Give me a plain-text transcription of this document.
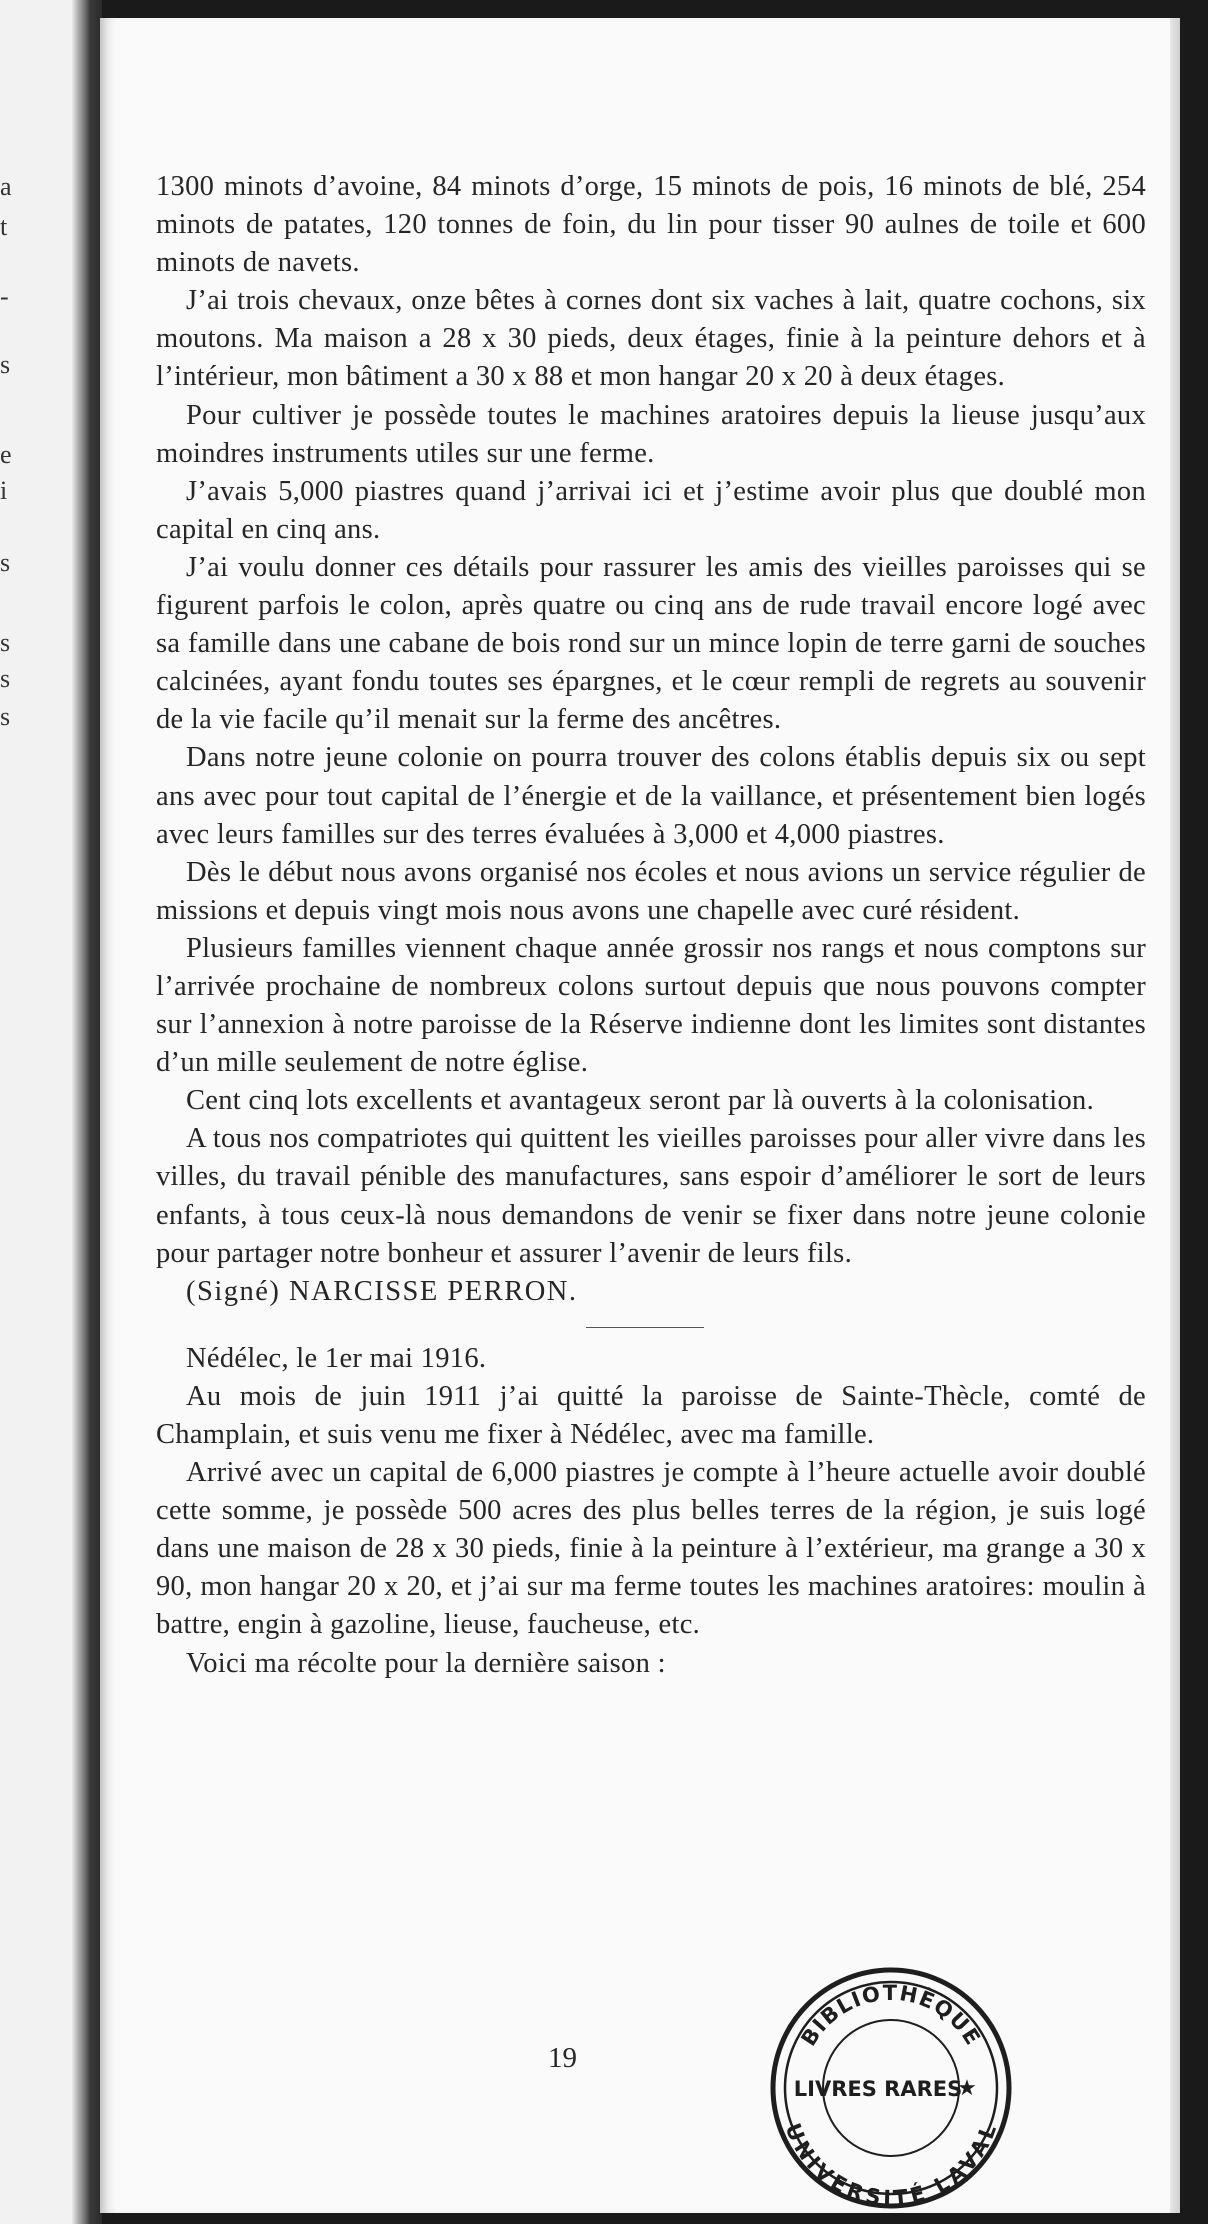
a
t
-
s
e
i
s
s
s
s

1300 minots d’avoine, 84 minots d’orge, 15 minots de pois, 16 minots de blé, 254 minots de patates, 120 tonnes de foin, du lin pour tisser 90 aulnes de toile et 600 minots de navets.

J’ai trois chevaux, onze bêtes à cornes dont six vaches à lait, quatre cochons, six moutons. Ma maison a 28 x 30 pieds, deux étages, finie à la peinture dehors et à l’intérieur, mon bâtiment a 30 x 88 et mon hangar 20 x 20 à deux étages.

Pour cultiver je possède toutes le machines aratoires depuis la lieuse jusqu’aux moindres instruments utiles sur une ferme.

J’avais 5,000 piastres quand j’arrivai ici et j’estime avoir plus que doublé mon capital en cinq ans.

J’ai voulu donner ces détails pour rassurer les amis des vieilles paroisses qui se figurent parfois le colon, après quatre ou cinq ans de rude travail encore logé avec sa famille dans une cabane de bois rond sur un mince lopin de terre garni de souches calcinées, ayant fondu toutes ses épargnes, et le cœur rempli de regrets au souvenir de la vie facile qu’il menait sur la ferme des ancêtres.

Dans notre jeune colonie on pourra trouver des colons établis depuis six ou sept ans avec pour tout capital de l’énergie et de la vaillance, et présentement bien logés avec leurs familles sur des terres évaluées à 3,000 et 4,000 piastres.

Dès le début nous avons organisé nos écoles et nous avions un service régulier de missions et depuis vingt mois nous avons une chapelle avec curé résident.

Plusieurs familles viennent chaque année grossir nos rangs et nous comptons sur l’arrivée prochaine de nombreux colons surtout depuis que nous pouvons compter sur l’annexion à notre paroisse de la Réserve indienne dont les limites sont distantes d’un mille seulement de notre église.

Cent cinq lots excellents et avantageux seront par là ouverts à la colonisation.

A tous nos compatriotes qui quittent les vieilles paroisses pour aller vivre dans les villes, du travail pénible des manufactures, sans espoir d’améliorer le sort de leurs enfants, à tous ceux-là nous demandons de venir se fixer dans notre jeune colonie pour partager notre bonheur et assurer l’avenir de leurs fils.

(Signé) NARCISSE PERRON.

Nédélec, le 1er mai 1916.

Au mois de juin 1911 j’ai quitté la paroisse de Sainte-Thècle, comté de Champlain, et suis venu me fixer à Nédélec, avec ma famille.

Arrivé avec un capital de 6,000 piastres je compte à l’heure actuelle avoir doublé cette somme, je possède 500 acres des plus belles terres de la région, je suis logé dans une maison de 28 x 30 pieds, finie à la peinture à l’extérieur, ma grange a 30 x 90, mon hangar 20 x 20, et j’ai sur ma ferme toutes les machines aratoires: moulin à battre, engin à gazoline, lieuse, faucheuse, etc.

Voici ma récolte pour la dernière saison :

19
BIBLIOTHÈQUE
LIVRES RARES
★
UNIVERSITÉ LAVAL
